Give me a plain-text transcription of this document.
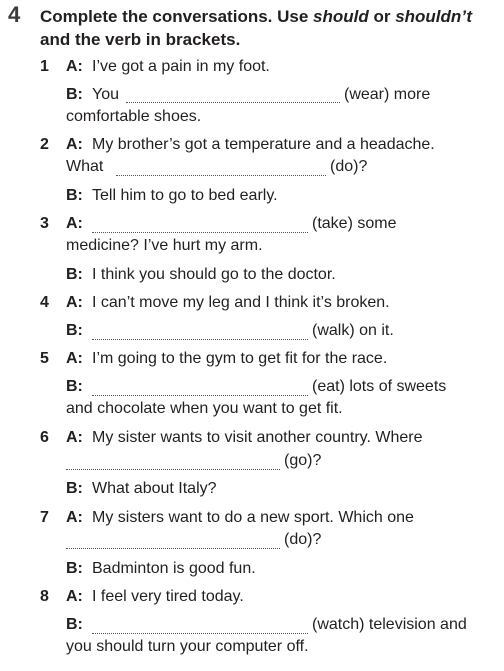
4 Complete the conversations. Use should or shouldn’t
and the verb in brackets.
1 A: I’ve got a pain in my foot.
B: You	(wear) more
comfortable shoes.
2 A: My brother’s got a temperature and a headache.
What	(do)?
B: Tell him to go to bed early.
3 A:	(take) some
medicine? I’ve hurt my arm.
B: I think you should go to the doctor.
4 A: I can’t move my leg and I think it’s broken.
B:	(walk) on it.
5 A: I’m going to the gym to get fit for the race.
B:	(eat) lots of sweets
and chocolate when you want to get fit.
6 A: My sister wants to visit another country. Where
(go)?
B: What about Italy?
7 A: My sisters want to do a new sport. Which one
(do)?
B: Badminton is good fun.
8 A: I feel very tired today.
B:	(watch) television and
you should turn your computer off.
